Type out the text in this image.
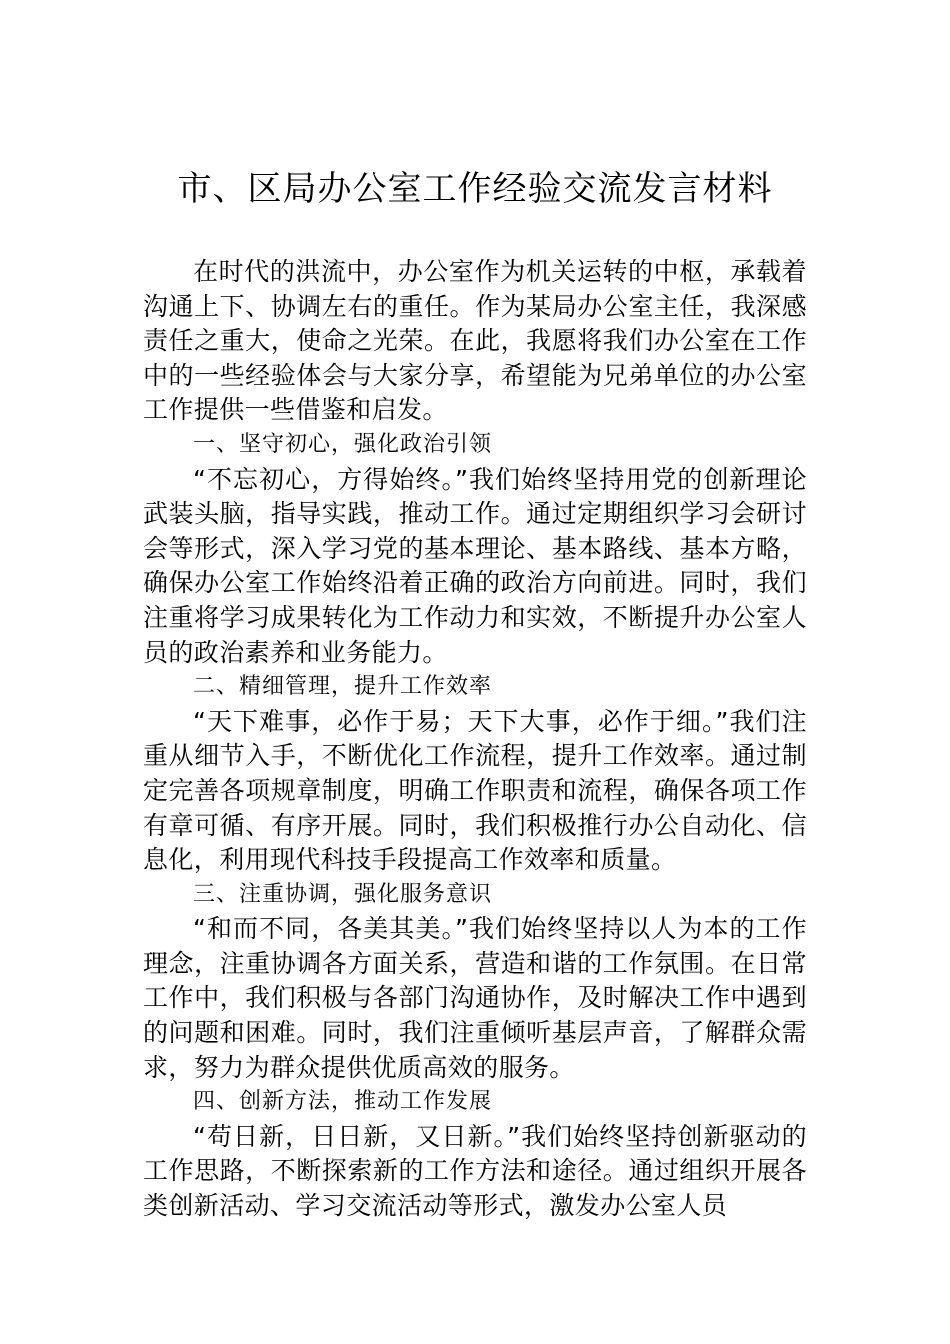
市、区局办公室工作经验交流发言材料

在时代的洪流中，办公室作为机关运转的中枢，承载着沟通上下、协调左右的重任。作为某局办公室主任，我深感责任之重大，使命之光荣。在此，我愿将我们办公室在工作中的一些经验体会与大家分享，希望能为兄弟单位的办公室工作提供一些借鉴和启发。

一、坚守初心，强化政治引领

“不忘初心，方得始终。”我们始终坚持用党的创新理论武装头脑，指导实践，推动工作。通过定期组织学习会研讨会等形式，深入学习党的基本理论、基本路线、基本方略，确保办公室工作始终沿着正确的政治方向前进。同时，我们注重将学习成果转化为工作动力和实效，不断提升办公室人员的政治素养和业务能力。

二、精细管理，提升工作效率

“天下难事，必作于易；天下大事，必作于细。”我们注重从细节入手，不断优化工作流程，提升工作效率。通过制定完善各项规章制度，明确工作职责和流程，确保各项工作有章可循、有序开展。同时，我们积极推行办公自动化、信息化，利用现代科技手段提高工作效率和质量。

三、注重协调，强化服务意识

“和而不同，各美其美。”我们始终坚持以人为本的工作理念，注重协调各方面关系，营造和谐的工作氛围。在日常工作中，我们积极与各部门沟通协作，及时解决工作中遇到的问题和困难。同时，我们注重倾听基层声音，了解群众需求，努力为群众提供优质高效的服务。

四、创新方法，推动工作发展

“苟日新，日日新，又日新。”我们始终坚持创新驱动的工作思路，不断探索新的工作方法和途径。通过组织开展各类创新活动、学习交流活动等形式，激发办公室人员
